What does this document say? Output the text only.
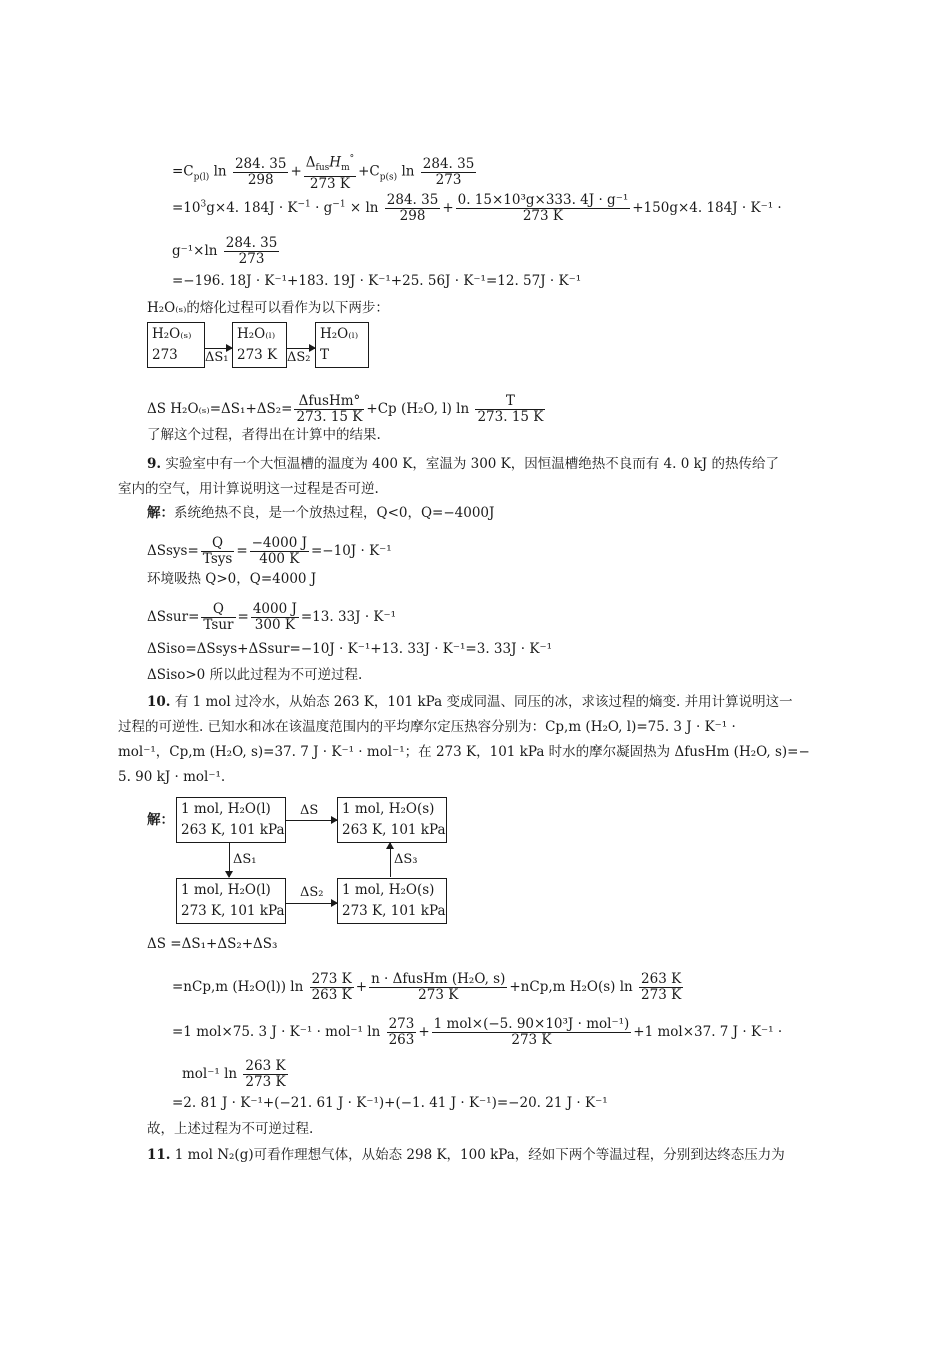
$=C_{p(l)}$ $\ln \frac{284. 35}{298} + \frac{\Delta_{fus}H_m^\circ}{273 K} +C_{p(s)}$ $\ln \frac{284. 35}{273}$
$=10^3g\times 4$. $184J \cdot K^{-1} \cdot g^{-1} \times \ln \frac{284. 35}{298} + \frac{\text{0. 15×10³g×333. 4J · g⁻¹}}{273 K} +150g\times 4$. 184J · K⁻¹ ·
$g^{-1}\times\ln \frac{284. 35}{273}$
=−196. 18J · K⁻¹+183. 19J · K⁻¹+25. 56J · K⁻¹=12. 57J · K⁻¹
H₂O₍ₛ₎的熔化过程可以看作为以下两步：
H₂O₍ₛ₎
273	ΔS₁
H₂O₍ₗ₎
273 K ΔS₂
H₂O₍ₗ₎
T
ΔS $H_2O_{(s)}=\Delta S_1+\Delta S_2= \frac{\text{ΔfusHm°}}{273. 15 K} +Cp$ (H₂O, l) $\ln \frac{T}{273. 15 K}$
了解这个过程，者得出在计算中的结果.
9. 实验室中有一个大恒温槽的温度为 400 K，室温为 300 K，因恒温槽绝热不良而有 4. 0 kJ 的热传给了
室内的空气，用计算说明这一过程是否可逆.
解：系统绝热不良，是一个放热过程，Q<0，Q=−4000J
ΔSsys= $\frac{Q}{\text{Tsys}} = \frac{-4000 J}{400 K} =-10J \cdot K^{-1}$
环境吸热 Q>0，Q=4000 J
ΔSsur= $\frac{Q}{\text{Tsur}} = \frac{4000 J}{300 K} =13$. 33J · K⁻¹
ΔSiso=ΔSsys+ΔSsur=−10J · K⁻¹+13. 33J · K⁻¹=3. 33J · K⁻¹
ΔSiso>0 所以此过程为不可逆过程.
10. 有 1 mol 过冷水，从始态 263 K，101 kPa 变成同温、同压的冰，求该过程的熵变. 并用计算说明这一
过程的可逆性. 已知水和冰在该温度范围内的平均摩尔定压热容分别为：Cp,m (H₂O, l)=75. 3 J · K⁻¹ ·
mol⁻¹，Cp,m (H₂O, s)=37. 7 J · K⁻¹ · mol⁻¹；在 273 K，101 kPa 时水的摩尔凝固热为 ΔfusHm (H₂O, s)=−
5. 90 kJ · mol⁻¹.
解：
1 mol, H₂O(l)
263 K, 101 kPa
ΔS 1 mol, H₂O(s)
263 K, 101 kPa
ΔS₁	ΔS₃
1 mol, H₂O(l)
273 K, 101 kPa
ΔS₂ 1 mol, H₂O(s)
273 K, 101 kPa
ΔS =ΔS₁+ΔS₂+ΔS₃
=nCp,m (H₂O(l)) $\ln \frac{273 K}{263 K} + \frac{\text{n · ΔfusHm (H₂O, s)}}{273 K} +nCp,m$ H₂O(s) $\ln \frac{263 K}{273 K}$
=1 mol×75. 3 J · K⁻¹ · mol⁻¹ $\ln \frac{273}{263} + \frac{\text{1 mol×(−5. 90×10³J · mol⁻¹)}}{273 K} +1$ mol×37. 7 J · K⁻¹ ·
mol⁻¹ $\ln \frac{263 K}{273 K}$
=2. 81 J · K⁻¹+(−21. 61 J · K⁻¹)+(−1. 41 J · K⁻¹)=−20. 21 J · K⁻¹
故，上述过程为不可逆过程.
11. 1 mol N₂(g)可看作理想气体，从始态 298 K，100 kPa，经如下两个等温过程，分别到达终态压力为
